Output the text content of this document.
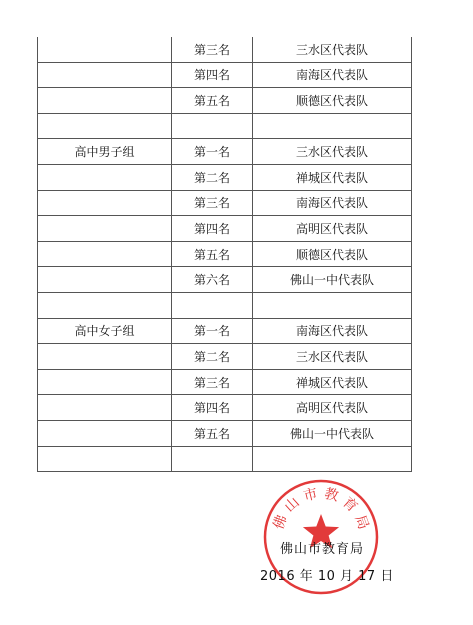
	第三名	三水区代表队
	第四名	南海区代表队
	第五名	顺德区代表队

高中男子组	第一名	三水区代表队
	第二名	禅城区代表队
	第三名	南海区代表队
	第四名	高明区代表队
	第五名	顺德区代表队
	第六名	佛山一中代表队

高中女子组	第一名	南海区代表队
	第二名	三水区代表队
	第三名	禅城区代表队
	第四名	高明区代表队
	第五名	佛山一中代表队

佛
山 市 教 育
局
佛山市教育局
2016 年 10 月 17 日
